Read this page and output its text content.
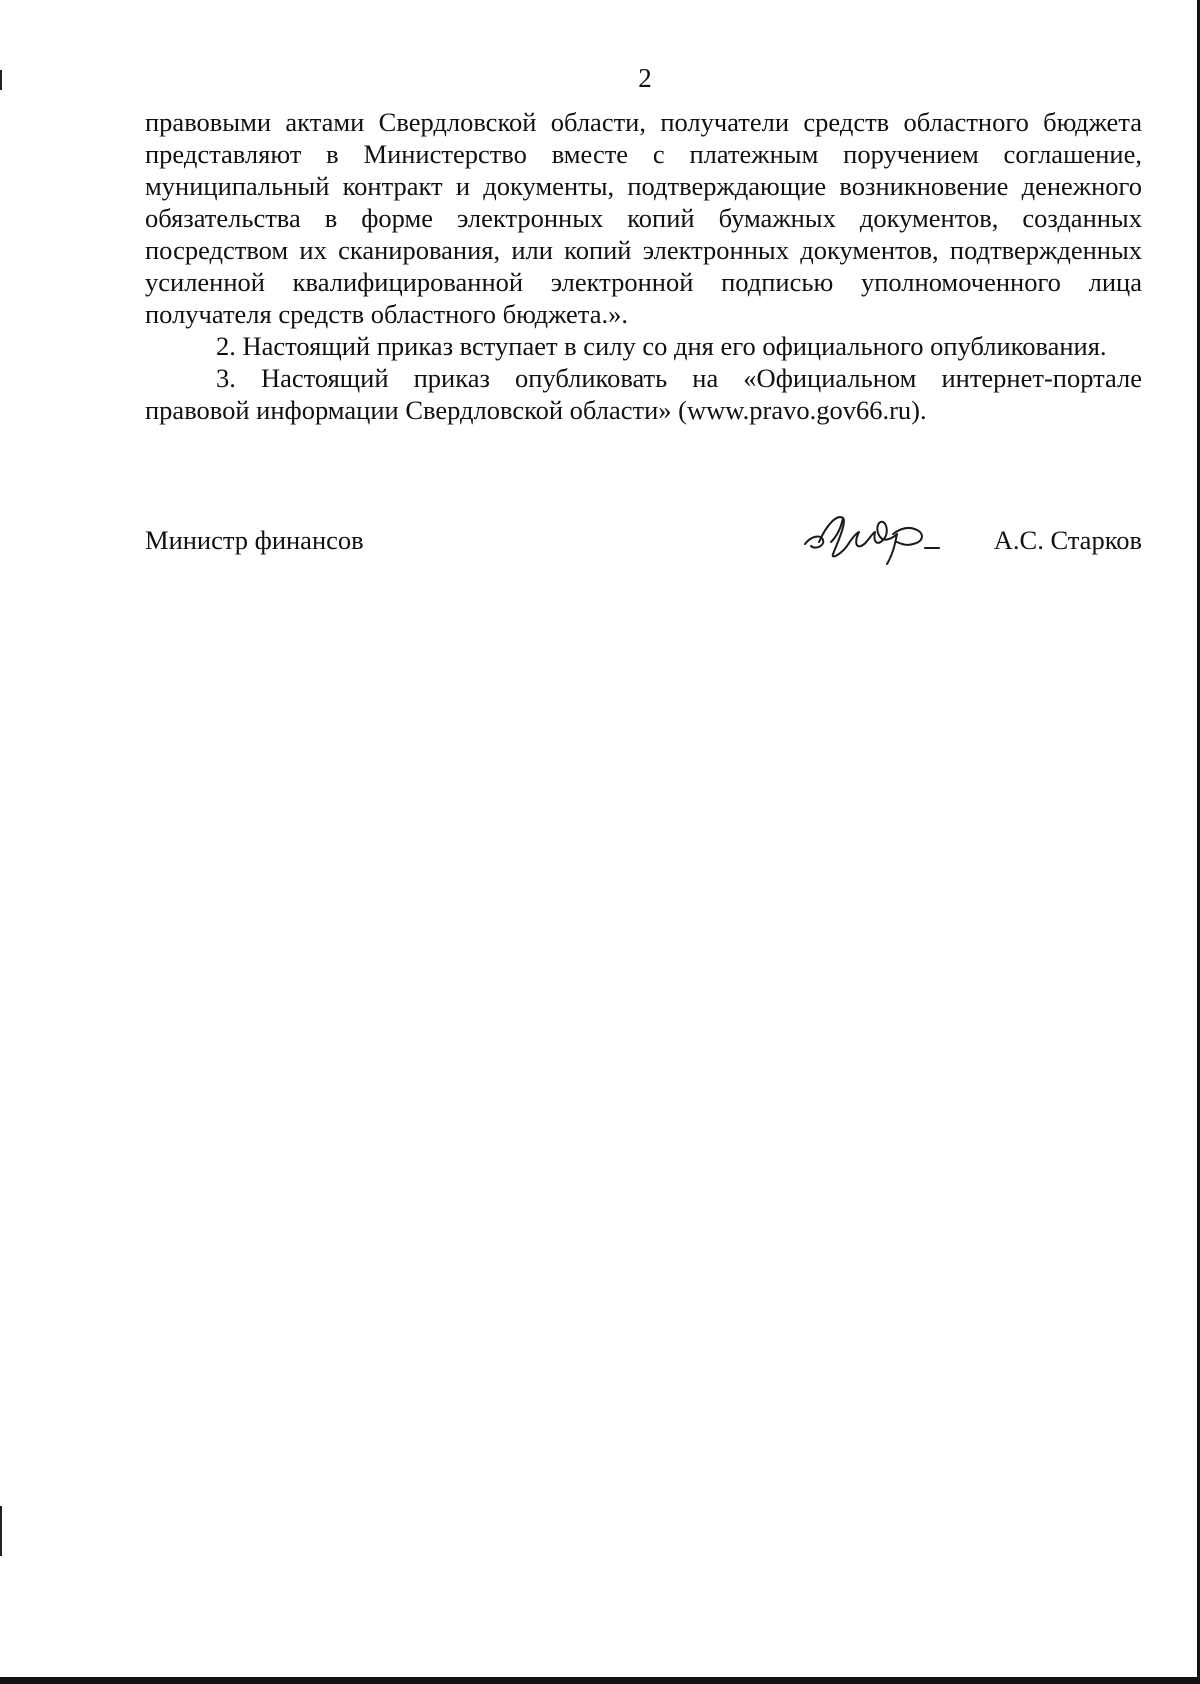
2

правовыми актами Свердловской области, получатели средств областного бюджета представляют в Министерство вместе с платежным поручением соглашение, муниципальный контракт и документы, подтверждающие возникновение денежного обязательства в форме электронных копий бумажных документов, созданных посредством их сканирования, или копий электронных документов, подтвержденных усиленной квалифицированной электронной подписью уполномоченного лица получателя средств областного бюджета.».

2. Настоящий приказ вступает в силу со дня его официального опубликования.

3. Настоящий приказ опубликовать на «Официальном интернет-портале правовой информации Свердловской области» (www.pravo.gov66.ru).

Министр финансов	А.С. Старков
